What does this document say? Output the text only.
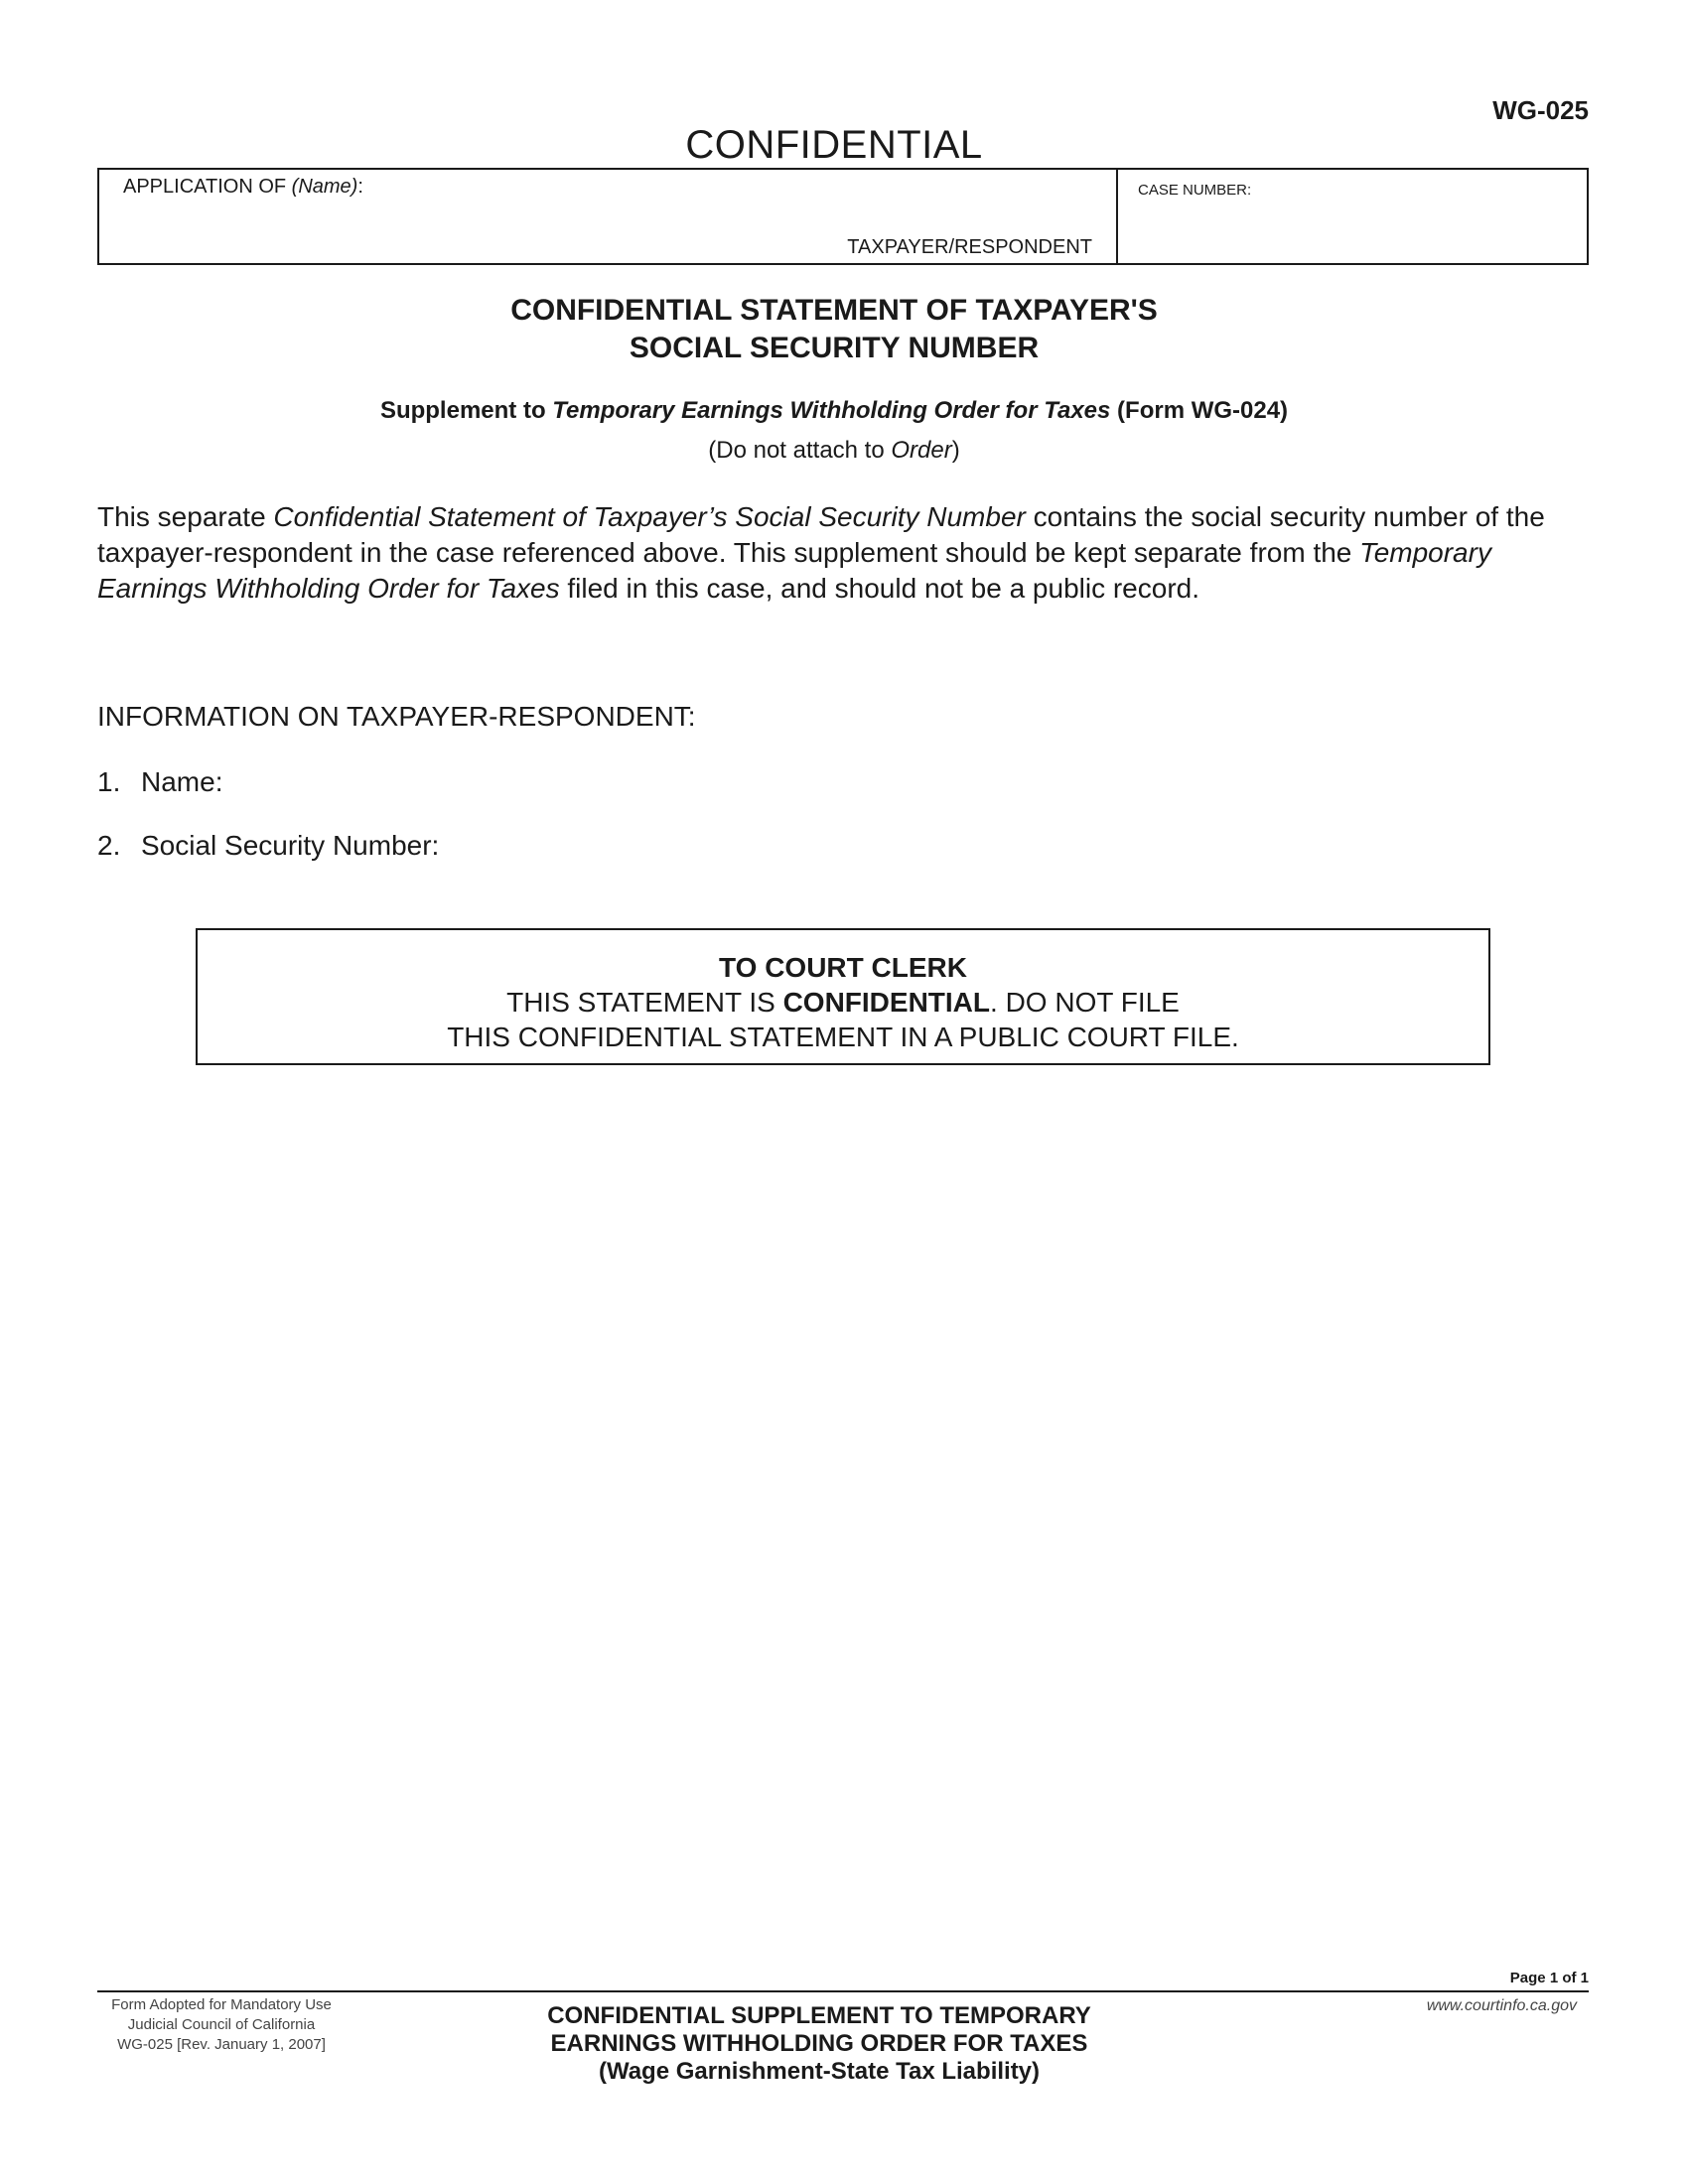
WG-025
CONFIDENTIAL
APPLICATION OF (Name):
TAXPAYER/RESPONDENT
CASE NUMBER:
CONFIDENTIAL STATEMENT OF TAXPAYER'S
SOCIAL SECURITY NUMBER
Supplement to Temporary Earnings Withholding Order for Taxes (Form WG-024)
(Do not attach to Order)
This separate Confidential Statement of Taxpayer’s Social Security Number contains the social security number of the taxpayer-respondent in the case referenced above. This supplement should be kept separate from the Temporary Earnings Withholding Order for Taxes filed in this case, and should not be a public record.
INFORMATION ON TAXPAYER-RESPONDENT:
1. Name:
2. Social Security Number:
TO COURT CLERK
THIS STATEMENT IS CONFIDENTIAL. DO NOT FILE
THIS CONFIDENTIAL STATEMENT IN A PUBLIC COURT FILE.
Page 1 of 1
Form Adopted for Mandatory Use
Judicial Council of California
WG-025 [Rev. January 1, 2007]
CONFIDENTIAL SUPPLEMENT TO TEMPORARY
EARNINGS WITHHOLDING ORDER FOR TAXES
(Wage Garnishment-State Tax Liability)
www.courtinfo.ca.gov
